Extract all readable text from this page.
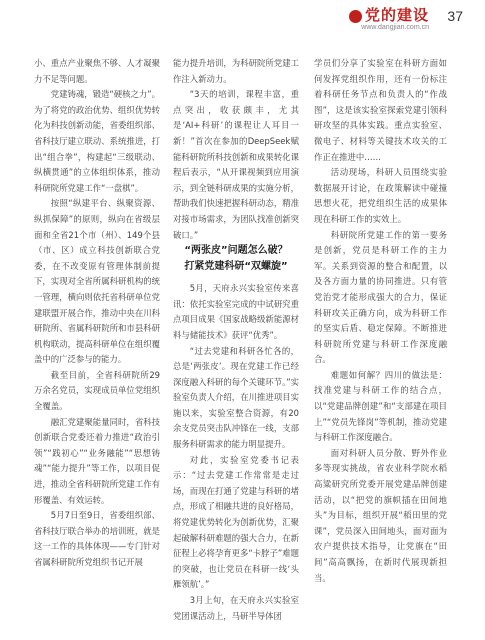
党的建设
www.dangjian.com.cn
37

小、重点产业聚焦不够、人才凝聚力不足等问题。

党建铸魂，锻造“硬核之力”。为了将党的政治优势、组织优势转化为科技创新动能，省委组织部、省科技厅建立联动、系统推进，打出“组合拳”，构建起“三级联动、纵横贯通”的立体组织体系，推动科研院所党建工作“一盘棋”。

按照“纵建平台、纵聚资源、纵抓保障”的原则，纵向在省级层面和全省21个市（州）、149个县（市、区）成立科技创新联合党委，在不改变原有管理体制前提下，实现对全省所属科研机构的统一管理，横向则依托省科研单位党建联盟开展合作，推动中央在川科研院所、省属科研院所和市县科研机构联动，提高科研单位在组织覆盖中的广泛参与的能力。

截至目前，全省科研院所29万余名党员，实现成员单位党组织全覆盖。

融汇党建聚能量同时，省科技创新联合党委还着力推进“政治引领”“践初心”“业务融能”“思想铸魂”“能力提升”等工作，以项目促进，推动全省科研院所党建工作有形覆盖、有效运转。

5月7日至9日，省委组织部、省科技厅联合举办的培训班，就是这一工作的具体体现——专门针对省属科研院所党组织书记开展

能力提升培训，为科研院所党建工作注入新动力。

“3天的培训，课程丰富，重点突出，收获颇丰，尤其是‘AI+科研’的课程让人耳目一新！”首次在参加的DeepSeek赋能科研院所科技创新和成果转化课程后表示，“从开课视频到应用演示，到全链科研成果的实施分析，帮助我们快速把握科研动态，精准对接市场需求，为团队找准创新突破口。”

“两张皮”问题怎么破？

打紧党建科研“双螺旋”

5月，天府永兴实验室传来喜讯：依托实验室完成的中试研究重点项目成果《国家战略级新能源材料与储能技术》获评“优秀”。

“过去党建和科研各忙各的，总是‘两张皮’。现在党建工作已经深度融入科研的每个关键环节。”实验室负责人介绍，在川推进项目实施以来，实验室整合资源，有20余支党员突击队冲锋在一线，支部服务科研需求的能力明显提升。

对此，实验室党委书记表示：“过去党建工作常常是走过场，而现在打通了党建与科研的堵点，形成了相融共进的良好格局，将党建优势转化为创新优势，汇聚起破解科研难题的强大合力，在新征程上必将孕育更多“卡脖子”难题的突破，也让党员在科研一线‘头雁领航’。”

3月上旬，在天府永兴实验室党团课活动上，马研半导体团

学员们分享了实验室在科研方面如何发挥党组织作用，还有一份标注着科研任务节点和负责人的“作战图”，这是该实验室探索党建引领科研攻坚的具体实践。重点实验室、微电子、材料等关键技术攻关的工作正在推进中……

活动现场，科研人员围绕实验数据展开讨论，在政策解读中碰撞思想火花，把党组织生活的成果体现在科研工作的实效上。

科研院所党建工作的第一要务是创新，党员是科研工作的主力军。关系到资源的整合和配置，以及各方面力量的协同推进。只有管党治党才能形成强大的合力，保证科研攻关正确方向，成为科研工作的坚实后盾、稳定保障。不断推进科研院所党建与科研工作深度融合。

难题如何解？四川的做法是：找准党建与科研工作的结合点，以“党建品牌创建”和“支部建在项目上”“党员先锋岗”等机制，推动党建与科研工作深度融合。

面对科研人员分散、野外作业多等现实挑战，省农业科学院水稻高粱研究所党委开展党建品牌创建活动，以“把党的旗帜插在田间地头”为目标，组织开展“稻田里的党课”，党员深入田间地头，面对面为农户提供技术指导，让党旗在“田间”高高飘扬，在新时代展现新担当。
